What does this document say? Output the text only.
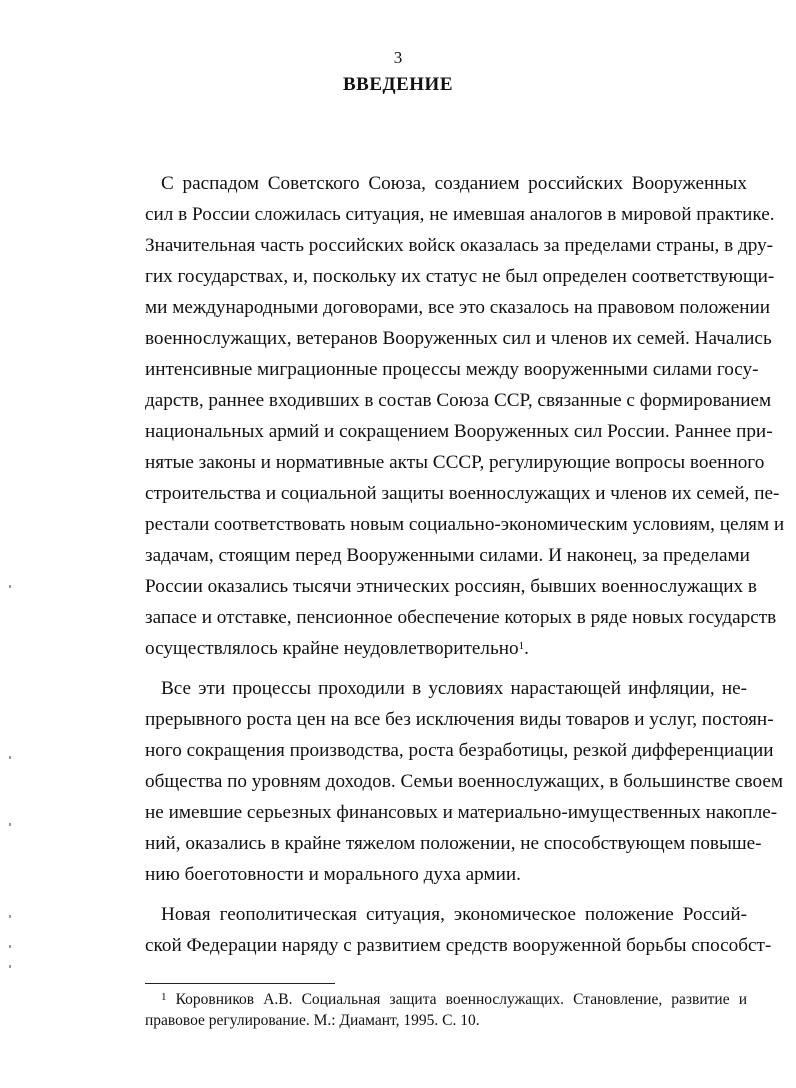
3
ВВЕДЕНИЕ
С распадом Советского Союза, созданием российских Вооруженных
сил в России сложилась ситуация, не имевшая аналогов в мировой практике.
Значительная часть российских войск оказалась за пределами страны, в дру-
гих государствах, и, поскольку их статус не был определен соответствующи-
ми международными договорами, все это сказалось на правовом положении
военнослужащих, ветеранов Вооруженных сил и членов их семей. Начались
интенсивные миграционные процессы между вооруженными силами госу-
дарств, раннее входивших в состав Союза ССР, связанные с формированием
национальных армий и сокращением Вооруженных сил России. Раннее при-
нятые законы и нормативные акты СССР, регулирующие вопросы военного
строительства и социальной защиты военнослужащих и членов их семей, пе-
рестали соответствовать новым социально-экономическим условиям, целям и
задачам, стоящим перед Вооруженными силами. И наконец, за пределами
России оказались тысячи этнических россиян, бывших военнослужащих в
запасе и отставке, пенсионное обеспечение которых в ряде новых государств
осуществлялось крайне неудовлетворительно$^1$.
Все эти процессы проходили в условиях нарастающей инфляции, не-
прерывного роста цен на все без исключения виды товаров и услуг, постоян-
ного сокращения производства, роста безработицы, резкой дифференциации
общества по уровням доходов. Семьи военнослужащих, в большинстве своем
не имевшие серьезных финансовых и материально-имущественных накопле-
ний, оказались в крайне тяжелом положении, не способствующем повыше-
нию боеготовности и морального духа армии.
Новая геополитическая ситуация, экономическое положение Россий-
ской Федерации наряду с развитием средств вооруженной борьбы способст-
$^1$ Коровников А.В. Социальная защита военнослужащих. Становление, развитие и
правовое регулирование. М.: Диамант, 1995. С. 10.
